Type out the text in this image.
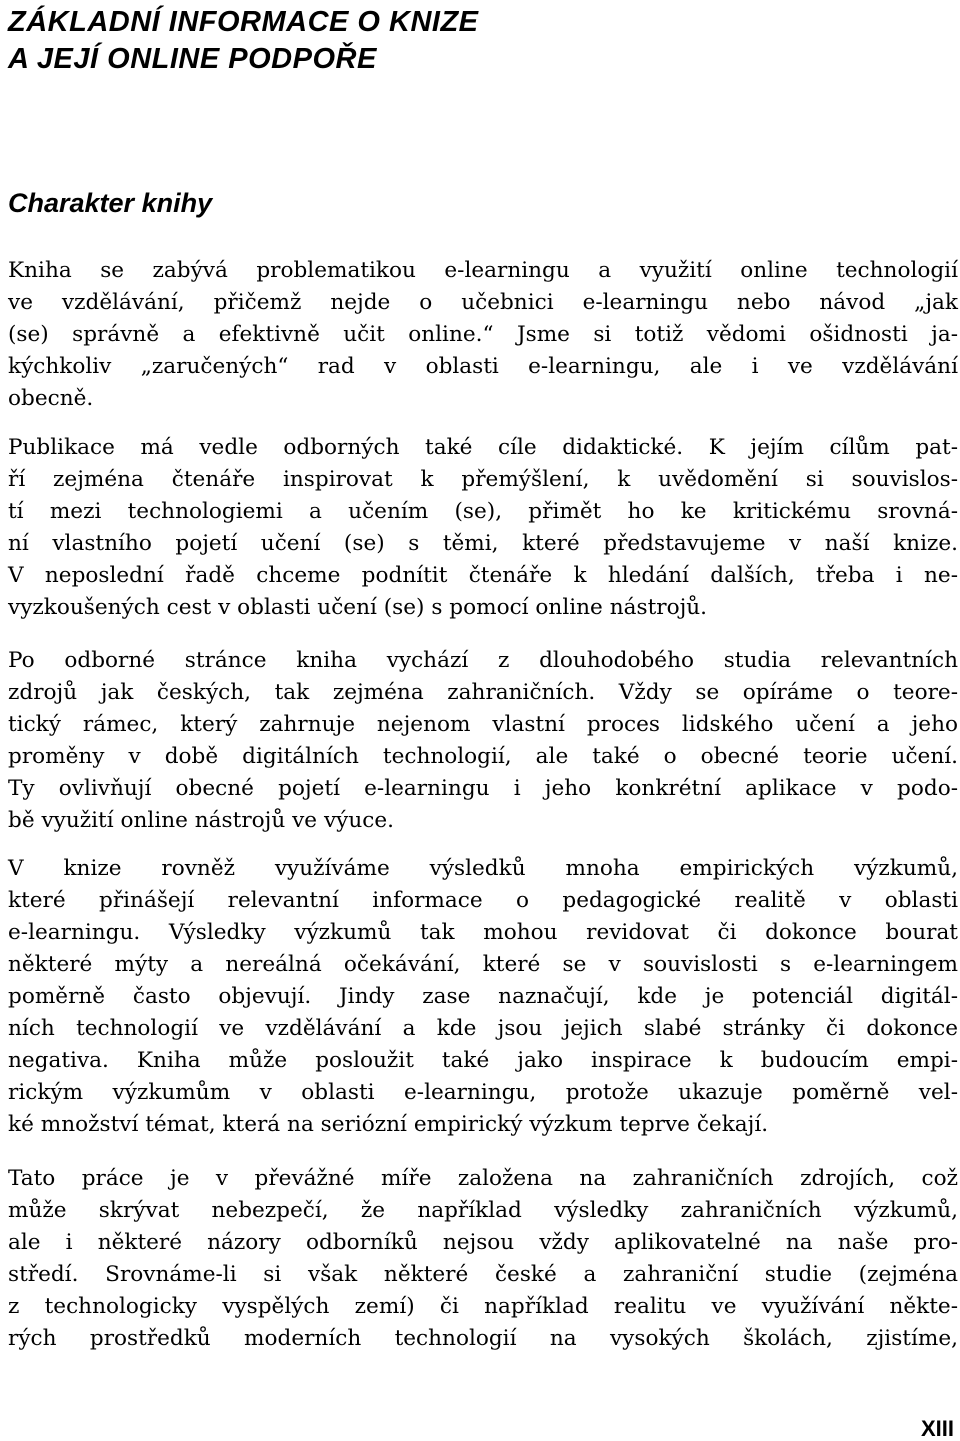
ZÁKLADNÍ INFORMACE O KNIZE
A JEJÍ ONLINE PODPOŘE
Charakter knihy
Kniha se zabývá problematikou e-learningu a využití online technologií
ve vzdělávání, přičemž nejde o učebnici e-learningu nebo návod „jak
(se) správně a efektivně učit online.“ Jsme si totiž vědomi ošidnosti ja-
kýchkoliv „zaručených“ rad v oblasti e-learningu, ale i ve vzdělávání
obecně.
Publikace má vedle odborných také cíle didaktické. K jejím cílům pat-
ří zejména čtenáře inspirovat k přemýšlení, k uvědomění si souvislos-
tí mezi technologiemi a učením (se), přimět ho ke kritickému srovná-
ní vlastního pojetí učení (se) s těmi, které představujeme v naší knize.
V neposlední řadě chceme podnítit čtenáře k hledání dalších, třeba i ne-
vyzkoušených cest v oblasti učení (se) s pomocí online nástrojů.
Po odborné stránce kniha vychází z dlouhodobého studia relevantních
zdrojů jak českých, tak zejména zahraničních. Vždy se opíráme o teore-
tický rámec, který zahrnuje nejenom vlastní proces lidského učení a jeho
proměny v době digitálních technologií, ale také o obecné teorie učení.
Ty ovlivňují obecné pojetí e-learningu i jeho konkrétní aplikace v podo-
bě využití online nástrojů ve výuce.
V knize rovněž využíváme výsledků mnoha empirických výzkumů,
které přinášejí relevantní informace o pedagogické realitě v oblasti
e-learningu. Výsledky výzkumů tak mohou revidovat či dokonce bourat
některé mýty a nereálná očekávání, které se v souvislosti s e-learningem
poměrně často objevují. Jindy zase naznačují, kde je potenciál digitál-
ních technologií ve vzdělávání a kde jsou jejich slabé stránky či dokonce
negativa. Kniha může posloužit také jako inspirace k budoucím empi-
rickým výzkumům v oblasti e-learningu, protože ukazuje poměrně vel-
ké množství témat, která na seriózní empirický výzkum teprve čekají.
Tato práce je v převážné míře založena na zahraničních zdrojích, což
může skrývat nebezpečí, že například výsledky zahraničních výzkumů,
ale i některé názory odborníků nejsou vždy aplikovatelné na naše pro-
středí. Srovnáme-li si však některé české a zahraniční studie (zejména
z technologicky vyspělých zemí) či například realitu ve využívání někte-
rých prostředků moderních technologií na vysokých školách, zjistíme,
XIII
